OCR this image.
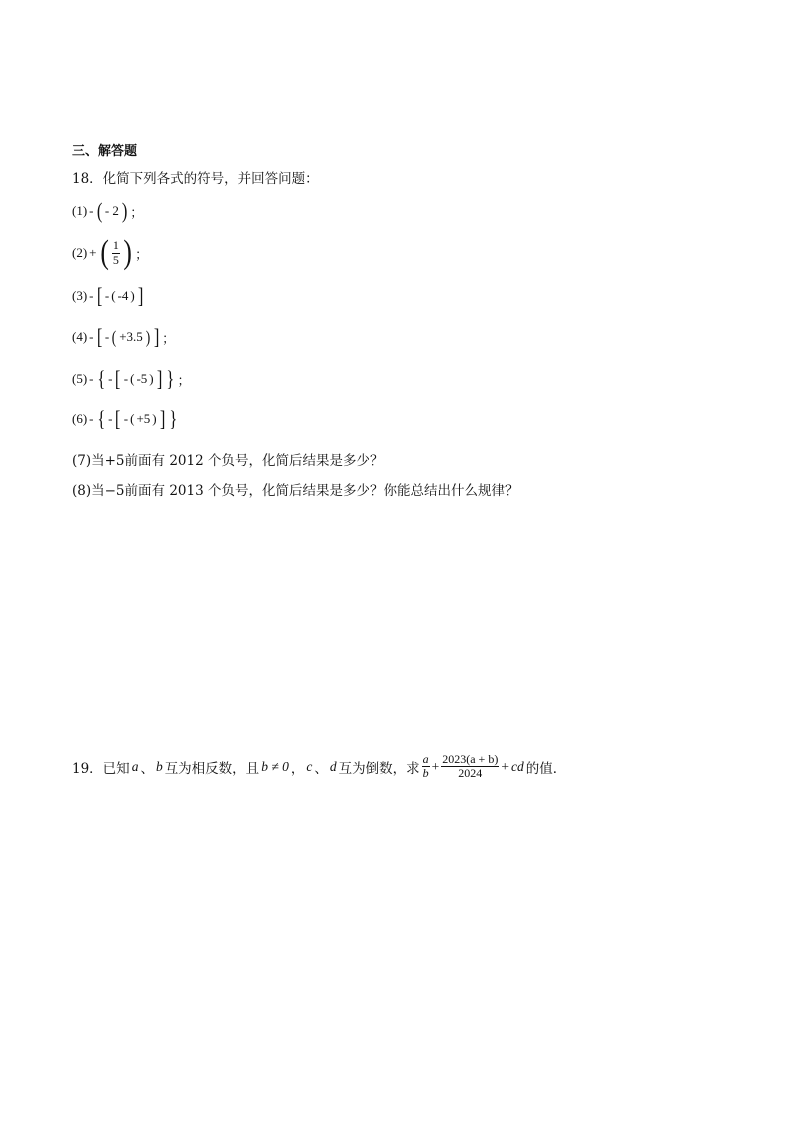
三、解答题
18．化简下列各式的符号，并回答问题：
(1) - ( - 2 ) ；
(2) + ( $\frac{1}{5}$ ) ；
(3) - [ - ( -4 ) ]
(4) - [ - ( +3.5 ) ] ；
(5) - { - [ - ( -5 ) ] } ；
(6) - { - [ - ( +5 ) ] }
(7)当+5前面有 2012 个负号，化简后结果是多少？
(8)当−5前面有 2013 个负号，化简后结果是多少？你能总结出什么规律？
19．已知 a 、 b 互为相反数，且 b ≠ 0 ， c 、 d 互为倒数，求 $\frac{a}{b} + \frac{2023(a + b)}{2024}$ + cd 的值．
